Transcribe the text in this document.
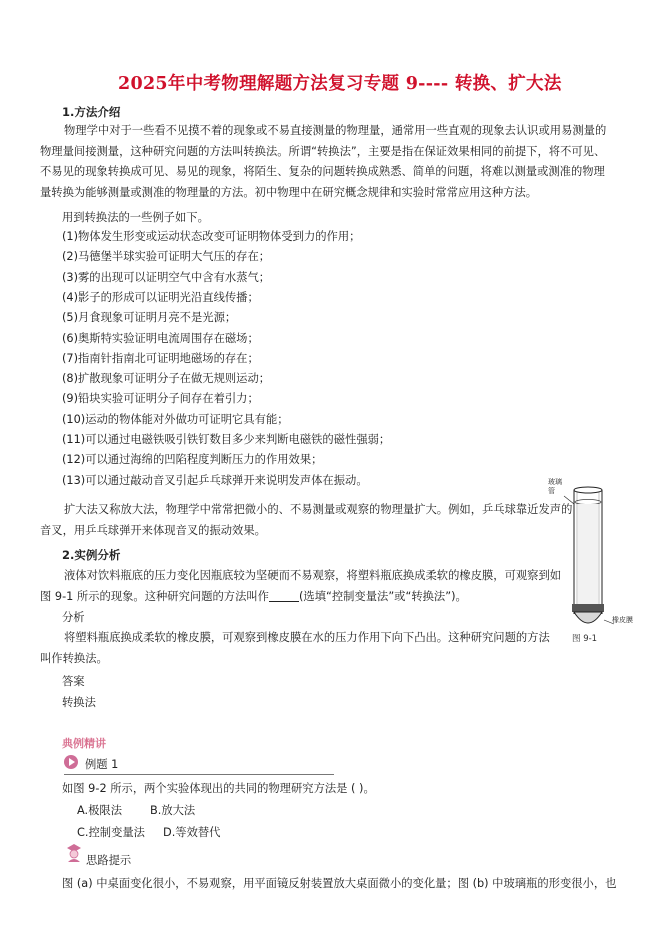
2025年中考物理解题方法复习专题 9---- 转换、扩大法
1.方法介绍
物理学中对于一些看不见摸不着的现象或不易直接测量的物理量，通常用一些直观的现象去认识或用易测量的物理量间接测量，这种研究问题的方法叫转换法。所谓“转换法”，主要是指在保证效果相同的前提下，将不可见、不易见的现象转换成可见、易见的现象，将陌生、复杂的问题转换成熟悉、简单的问题，将难以测量或测准的物理量转换为能够测量或测准的物理量的方法。初中物理中在研究概念规律和实验时常常应用这种方法。
用到转换法的一些例子如下。
(1)物体发生形变或运动状态改变可证明物体受到力的作用；
(2)马德堡半球实验可证明大气压的存在；
(3)雾的出现可以证明空气中含有水蒸气；
(4)影子的形成可以证明光沿直线传播；
(5)月食现象可证明月亮不是光源；
(6)奥斯特实验证明电流周围存在磁场；
(7)指南针指南北可证明地磁场的存在；
(8)扩散现象可证明分子在做无规则运动；
(9)铅块实验可证明分子间存在着引力；
(10)运动的物体能对外做功可证明它具有能；
(11)可以通过电磁铁吸引铁钉数目多少来判断电磁铁的磁性强弱；
(12)可以通过海绵的凹陷程度判断压力的作用效果；
(13)可以通过敲动音叉引起乒乓球弹开来说明发声体在振动。
扩大法又称放大法，物理学中常常把微小的、不易测量或观察的物理量扩大。例如，乒乓球靠近发声的音叉，用乒乓球弹开来体现音叉的振动效果。
2.实例分析
液体对饮料瓶底的压力变化因瓶底较为坚硬而不易观察，将塑料瓶底换成柔软的橡皮膜，可观察到如图 9-1 所示的现象。这种研究问题的方法叫作	(选填“控制变量法”或“转换法”)。
分析
将塑料瓶底换成柔软的橡皮膜，可观察到橡皮膜在水的压力作用下向下凸出。这种研究问题的方法叫作转换法。
答案
转换法
玻璃管
橡皮膜
图 9-1
典例精讲
例题 1
如图 9-2 所示，两个实验体现出的共同的物理研究方法是 ( )。
A.极限法 B.放大法
C.控制变量法 D.等效替代
思路提示
图 (a) 中桌面变化很小，不易观察，用平面镜反射装置放大桌面微小的变化量；图 (b) 中玻璃瓶的形变很小，也
